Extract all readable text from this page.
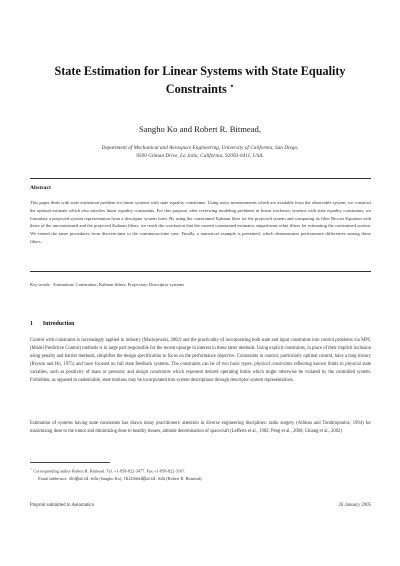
State Estimation for Linear Systems with State Equality Constraints ⋆
Sangho Ko and Robert R. Bitmead,
Department of Mechanical and Aerospace Engineering, University of California, San Diego,
9500 Gilman Drive, La Jolla, California, 92093-0411, USA.
Abstract
This paper deals with state estimation problem for linear systems with state equality constraints. Using noisy measurements which are available from the observable system, we construct the optimal estimate which also satisfies linear equality constraints. For this purpose, after reviewing modeling problems in linear stochastic systems with state equality constraints, we formulate a projected system representation from a descriptor system form. By using the constrained Kalman filter for the projected system and comparing its filter Riccati Equation with those of the unconstrained and the projected Kalman filters, we reach the conclusion that the current constrained estimator outperforms other filters for estimating the constrained system. We extend the same procedures from discrete-time to the continuous-time case. Finally, a numerical example is presented, which demonstrates performance differences among those filters.
Key words: Estimation; Constraints; Kalman filters; Projection; Descriptor systems
1 Introduction
Control with constraints is increasingly applied in industry (Maciejowski, 2002) and the practicality of incorporating both state and input constraints into control problems via MPC (Model Predictive Control) methods is in large part responsible for the recent upsurge in interest in these latter methods. Using explicit constraints, in place of their implicit inclusion using penalty and barrier methods, simplifies the design specification to focus on the performance objective. Constraints in control, particularly optimal control, have a long history (Bryson and Ho, 1975) and have focused on full state feedback systems. The constraints can be of two basic types; physical constraints reflecting known limits to physical state variables, such as positivity of mass or pressure; and design constraints which represent desired operating limits which might otherwise be violated by the controlled system. Forbidden, as opposed to undesirable, state motions may be incorporated into system descriptions through descriptor system representations.
Estimation of systems having state constraints has drawn many practitioners' attention in diverse engineering disciplines: radio surgery (Allman and Tombropoulos, 1994) for maximizing dose to the tumor and minimizing dose to healthy tissues, attitude determination of spacecraft (Lefferts et al., 1982; Peng et al., 2000; Chiang et al., 2002)
⋆ Corresponding author Robert R. Bitmead. Tel. +1-858-822-3477. Fax +1-858-822-3107.
Email addresses: sko@ucsd.edu (Sangho Ko), rbitmead@ucsd.edu (Robert R. Bitmead).
Preprint submitted to Automatica	26 January 2005
